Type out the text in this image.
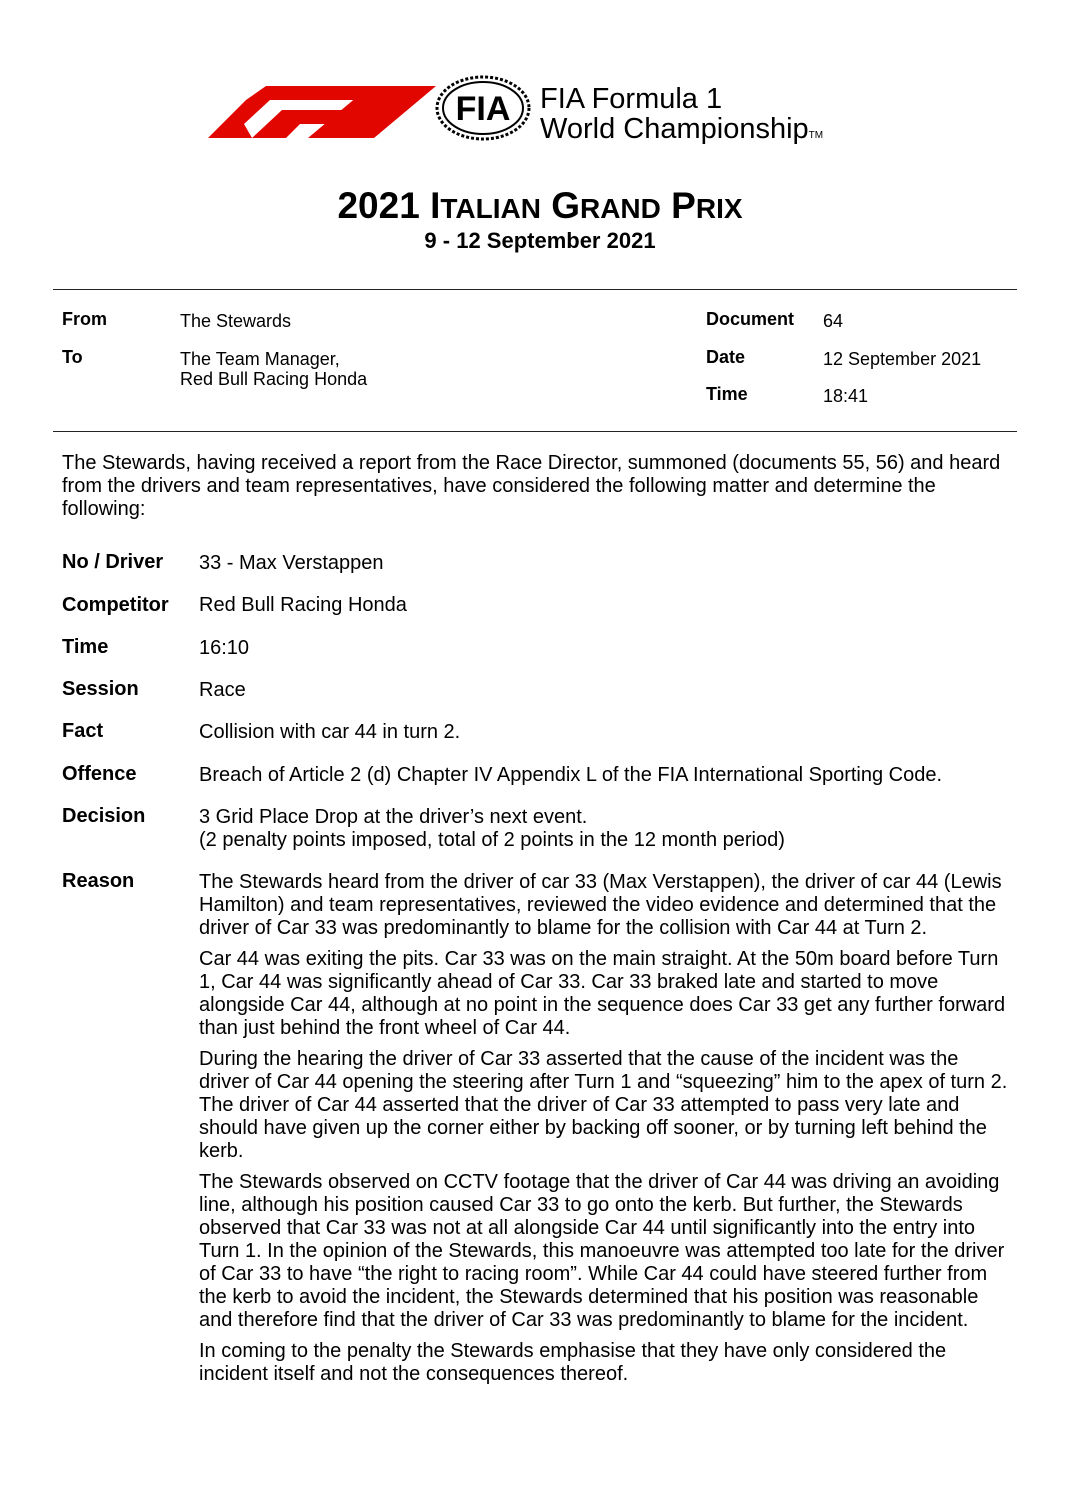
FIA FIA Formula 1
World ChampionshipTM
2021 ITALIAN GRAND PRIX
9 - 12 September 2021
From	The Stewards
To	The Team Manager,
Red Bull Racing Honda
Document 64
Date	12 September 2021
Time	18:41
The Stewards, having received a report from the Race Director, summoned (documents 55, 56) and heard from the drivers and team representatives, have considered the following matter and determine the following:
No / Driver 33 - Max Verstappen
Competitor Red Bull Racing Honda
Time	16:10
Session	Race
Fact	Collision with car 44 in turn 2.
Offence	Breach of Article 2 (d) Chapter IV Appendix L of the FIA International Sporting Code.
Decision	3 Grid Place Drop at the driver’s next event.
(2 penalty points imposed, total of 2 points in the 12 month period)
Reason	The Stewards heard from the driver of car 33 (Max Verstappen), the driver of car 44 (Lewis Hamilton) and team representatives, reviewed the video evidence and determined that the driver of Car 33 was predominantly to blame for the collision with Car 44 at Turn 2.

Car 44 was exiting the pits. Car 33 was on the main straight. At the 50m board before Turn 1, Car 44 was significantly ahead of Car 33. Car 33 braked late and started to move alongside Car 44, although at no point in the sequence does Car 33 get any further forward than just behind the front wheel of Car 44.

During the hearing the driver of Car 33 asserted that the cause of the incident was the driver of Car 44 opening the steering after Turn 1 and “squeezing” him to the apex of turn 2. The driver of Car 44 asserted that the driver of Car 33 attempted to pass very late and should have given up the corner either by backing off sooner, or by turning left behind the kerb.

The Stewards observed on CCTV footage that the driver of Car 44 was driving an avoiding line, although his position caused Car 33 to go onto the kerb. But further, the Stewards observed that Car 33 was not at all alongside Car 44 until significantly into the entry into Turn 1. In the opinion of the Stewards, this manoeuvre was attempted too late for the driver of Car 33 to have “the right to racing room”. While Car 44 could have steered further from the kerb to avoid the incident, the Stewards determined that his position was reasonable and therefore find that the driver of Car 33 was predominantly to blame for the incident.

In coming to the penalty the Stewards emphasise that they have only considered the incident itself and not the consequences thereof.
